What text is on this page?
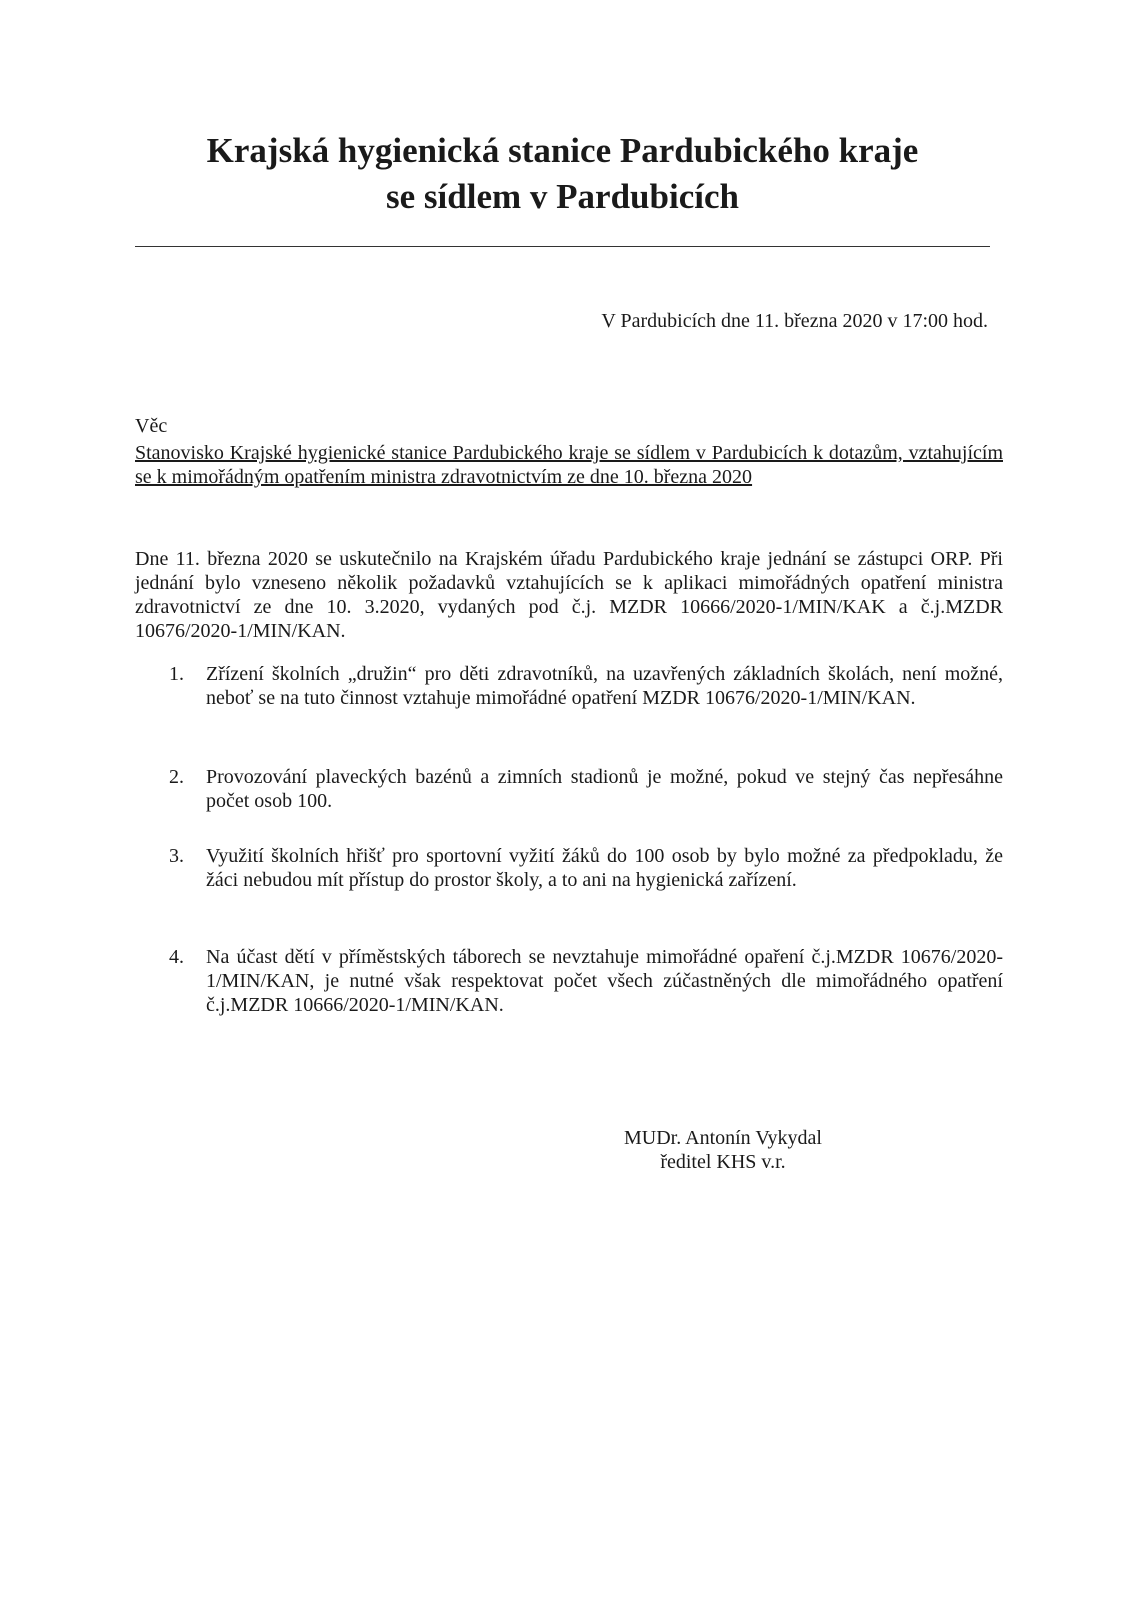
Krajská hygienická stanice Pardubického kraje
se sídlem v Pardubicích
V Pardubicích dne 11. března 2020 v 17:00 hod.
Věc
Stanovisko Krajské hygienické stanice Pardubického kraje se sídlem v Pardubicích k dotazům, vztahujícím se k mimořádným opatřením ministra zdravotnictvím ze dne 10. března 2020

Dne 11. března 2020 se uskutečnilo na Krajském úřadu Pardubického kraje jednání se zástupci ORP. Při jednání bylo vzneseno několik požadavků vztahujících se k aplikaci mimořádných opatření ministra zdravotnictví ze dne 10. 3.2020, vydaných pod č.j. MZDR 10666/2020-1/MIN/KAK a č.j.MZDR 10676/2020-1/MIN/KAN.

1. Zřízení školních „družin“ pro děti zdravotníků, na uzavřených základních školách, není možné, neboť se na tuto činnost vztahuje mimořádné opatření MZDR 10676/2020-1/MIN/KAN.
2. Provozování plaveckých bazénů a zimních stadionů je možné, pokud ve stejný čas nepřesáhne počet osob 100.
3. Využití školních hřišť pro sportovní vyžití žáků do 100 osob by bylo možné za předpokladu, že žáci nebudou mít přístup do prostor školy, a to ani na hygienická zařízení.
4. Na účast dětí v příměstských táborech se nevztahuje mimořádné opaření č.j.MZDR 10676/2020-1/MIN/KAN, je nutné však respektovat počet všech zúčastněných dle mimořádného opatření č.j.MZDR 10666/2020-1/MIN/KAN.
MUDr. Antonín Vykydal
ředitel KHS v.r.
